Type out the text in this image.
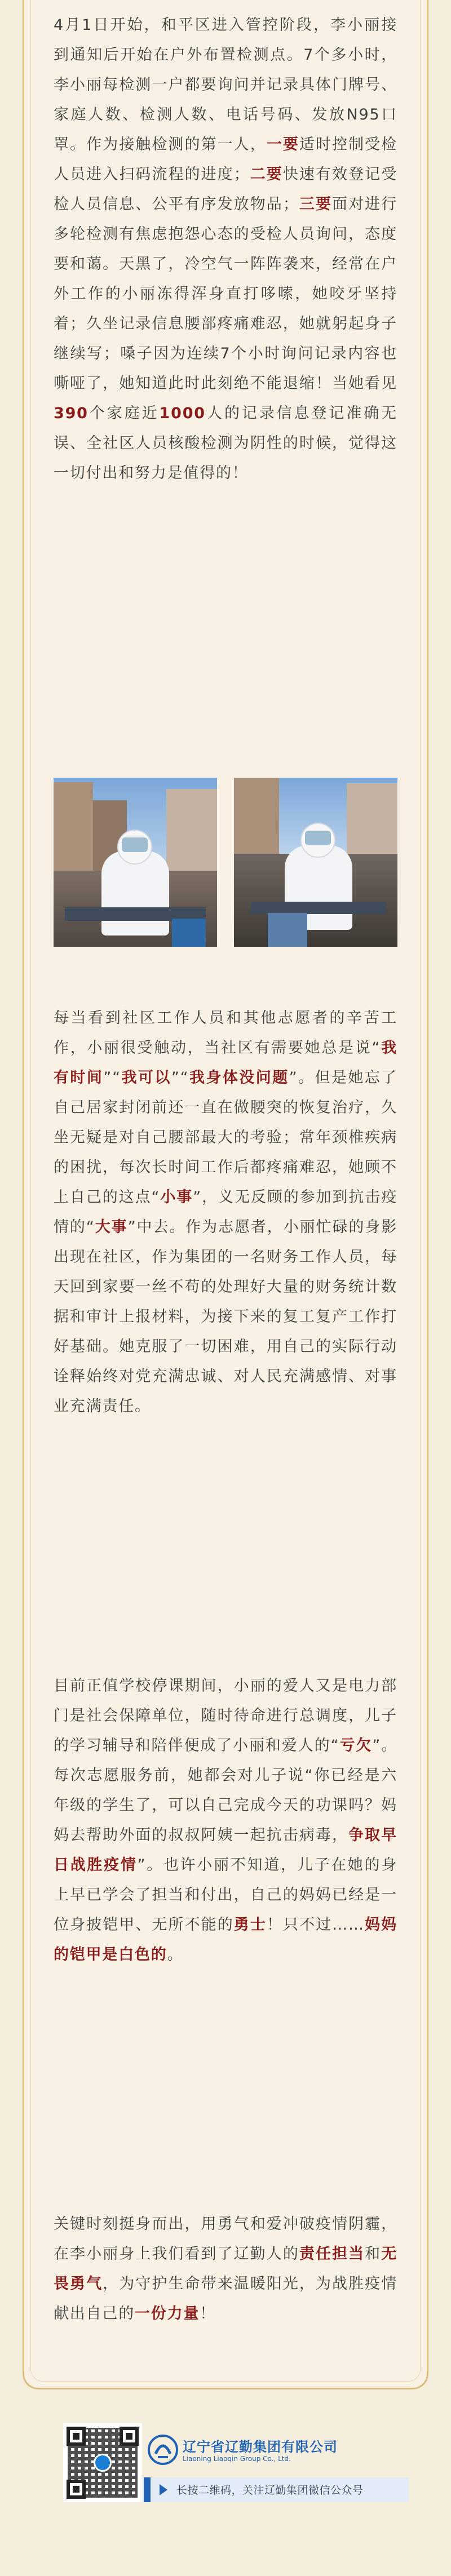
4月1日开始，和平区进入管控阶段，李小丽接到通知后开始在户外布置检测点。7个多小时，李小丽每检测一户都要询问并记录具体门牌号、家庭人数、检测人数、电话号码、发放N95口罩。作为接触检测的第一人，一要适时控制受检人员进入扫码流程的进度；二要快速有效登记受检人员信息、公平有序发放物品；三要面对进行多轮检测有焦虑抱怨心态的受检人员询问，态度要和蔼。天黑了，冷空气一阵阵袭来，经常在户外工作的小丽冻得浑身直打哆嗦，她咬牙坚持着；久坐记录信息腰部疼痛难忍，她就躬起身子继续写；嗓子因为连续7个小时询问记录内容也嘶哑了，她知道此时此刻绝不能退缩！当她看见390个家庭近1000人的记录信息登记准确无误、全社区人员核酸检测为阴性的时候，觉得这一切付出和努力是值得的！
每当看到社区工作人员和其他志愿者的辛苦工作，小丽很受触动，当社区有需要她总是说“我有时间”“我可以”“我身体没问题”。但是她忘了自己居家封闭前还一直在做腰突的恢复治疗，久坐无疑是对自己腰部最大的考验；常年颈椎疾病的困扰，每次长时间工作后都疼痛难忍，她顾不上自己的这点“小事”，义无反顾的参加到抗击疫情的“大事”中去。作为志愿者，小丽忙碌的身影出现在社区，作为集团的一名财务工作人员，每天回到家要一丝不苟的处理好大量的财务统计数据和审计上报材料，为接下来的复工复产工作打好基础。她克服了一切困难，用自己的实际行动诠释始终对党充满忠诚、对人民充满感情、对事业充满责任。
目前正值学校停课期间，小丽的爱人又是电力部门是社会保障单位，随时待命进行总调度，儿子的学习辅导和陪伴便成了小丽和爱人的“亏欠”。每次志愿服务前，她都会对儿子说“你已经是六年级的学生了，可以自己完成今天的功课吗？妈妈去帮助外面的叔叔阿姨一起抗击病毒，争取早日战胜疫情”。也许小丽不知道，儿子在她的身上早已学会了担当和付出，自己的妈妈已经是一位身披铠甲、无所不能的勇士！只不过……妈妈的铠甲是白色的。
关键时刻挺身而出，用勇气和爱冲破疫情阴霾，在李小丽身上我们看到了辽勤人的责任担当和无畏勇气，为守护生命带来温暖阳光，为战胜疫情献出自己的一份力量！
辽宁省辽勤集团有限公司
Liaoning Liaoqin Group Co., Ltd.
长按二维码，关注辽勤集团微信公众号
